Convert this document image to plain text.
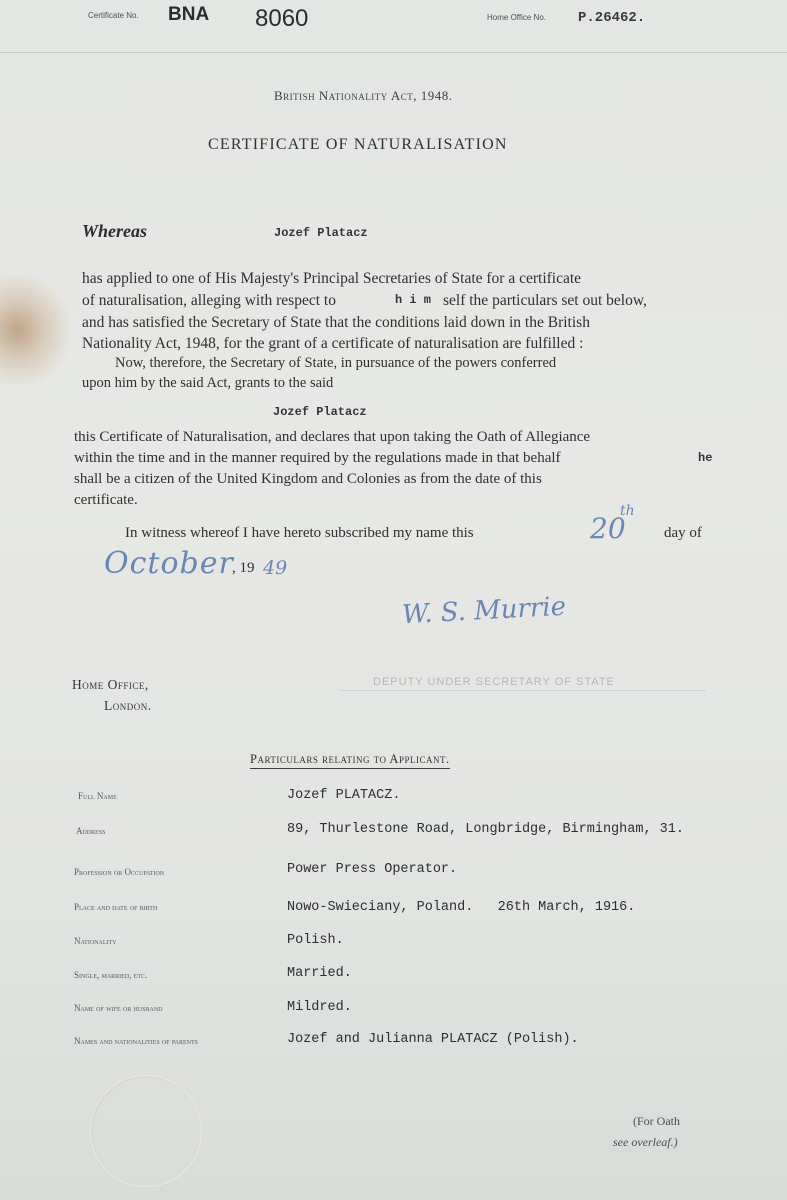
Certificate No. BNA 8060	Home Office No. P.26462.
British Nationality Act, 1948.
CERTIFICATE OF NATURALISATION
Whereas	Jozef Platacz
has applied to one of His Majesty's Principal Secretaries of State for a certificate
of naturalisation, alleging with respect to	h i m self the particulars set out below,
and has satisfied the Secretary of State that the conditions laid down in the British
Nationality Act, 1948, for the grant of a certificate of naturalisation are fulfilled :
Now, therefore, the Secretary of State, in pursuance of the powers conferred
upon him by the said Act, grants to the said
Jozef Platacz
this Certificate of Naturalisation, and declares that upon taking the Oath of Allegiance
within the time and in the manner required by the regulations made in that behalf	he
shall be a citizen of the United Kingdom and Colonies as from the date of this
certificate.
In witness whereof I have hereto subscribed my name this	20
th
day of
October
, 19 49
W. S. Murrie
DEPUTY UNDER SECRETARY OF STATE
Home Office,
London.
Particulars relating to Applicant.
Full Name	Jozef PLATACZ.
Address	89, Thurlestone Road, Longbridge, Birmingham, 31.
Profession or Occupation	Power Press Operator.
Place and date of birth	Nowo-Swieciany, Poland.   26th March, 1916.
Nationality	Polish.
Single, married, etc.	Married.
Name of wife or husband	Mildred.
Names and nationalities of parents	Jozef and Julianna PLATACZ (Polish).
(For Oath
see overleaf.)
